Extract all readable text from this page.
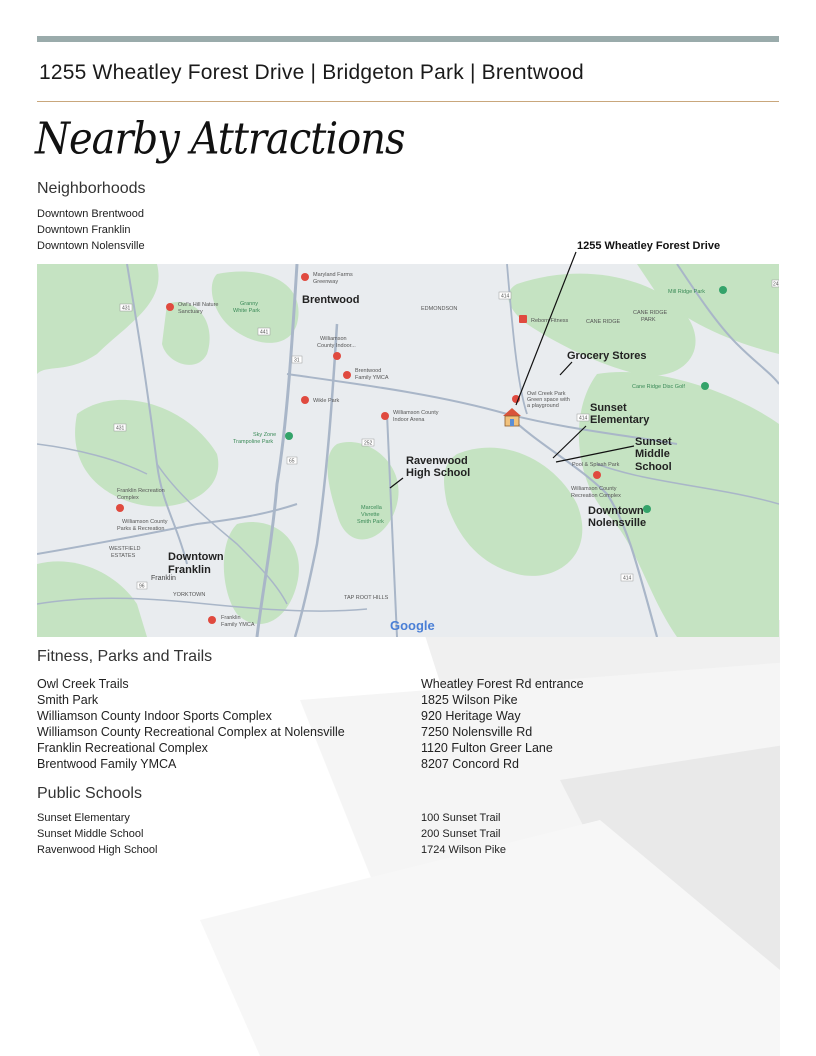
1255 Wheatley Forest Drive | Bridgeton Park | Brentwood
Nearby Attractions
Neighborhoods
Downtown Brentwood
Downtown Franklin
Downtown Nolensville	1255 Wheatley Forest Drive
Brentwood
Downtown
Franklin
Downtown
Nolensville
Grocery Stores
Sunset
Elementary
Sunset
Middle
School
Ravenwood
High School
Franklin
Maryland Farms
Greenway
Owl's Hill Nature
Sanctuary
Granny
White Park
Williamson
County Indoor...
Brentwood
Family YMCA
Wikle Park
Williamson County
Indoor Arena
Sky Zone
Trampoline Park
Reborn Fitness
Owl Creek Park
Green space with
a playground
CANE RIDGE
PARK
Cane Ridge Disc Golf
Mill Ridge Park
EDMONDSON
CANE RIDGE
Pool & Splash Park
Williamson County
Recreation Complex
Franklin Recreation
Complex
Williamson County
Parks & Recreation
Marcella
Vivrette
Smith Park
WESTFIELD
ESTATES
YORKTOWN	TAP ROOT HILLS
Franklin
Family YMCA
431
431
31
252
441
96
414
414
414
65
24
Google
Fitness, Parks and Trails
Owl Creek Trails	Wheatley Forest Rd entrance
Smith Park	1825 Wilson Pike
Williamson County Indoor Sports Complex	920 Heritage Way
Williamson County Recreational Complex at Nolensville	7250 Nolensville Rd
Franklin Recreational Complex	1120 Fulton Greer Lane
Brentwood Family YMCA	8207 Concord Rd
Public Schools
Sunset Elementary	100 Sunset Trail
Sunset Middle School	200 Sunset Trail
Ravenwood High School	1724 Wilson Pike
